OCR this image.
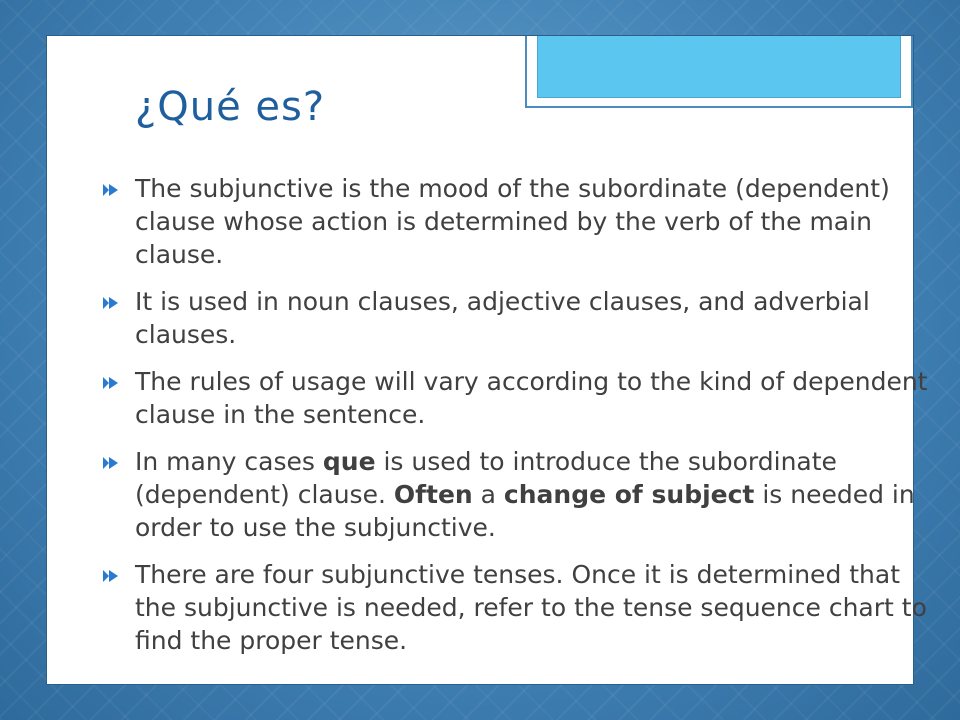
¿Qué es?
The subjunctive is the mood of the subordinate (dependent) clause whose action is determined by the verb of the main clause.
It is used in noun clauses, adjective clauses, and adverbial clauses.
The rules of usage will vary according to the kind of dependent clause in the sentence.
In many cases que is used to introduce the subordinate (dependent) clause. Often a change of subject is needed in order to use the subjunctive.
There are four subjunctive tenses. Once it is determined that the subjunctive is needed, refer to the tense sequence chart to find the proper tense.
